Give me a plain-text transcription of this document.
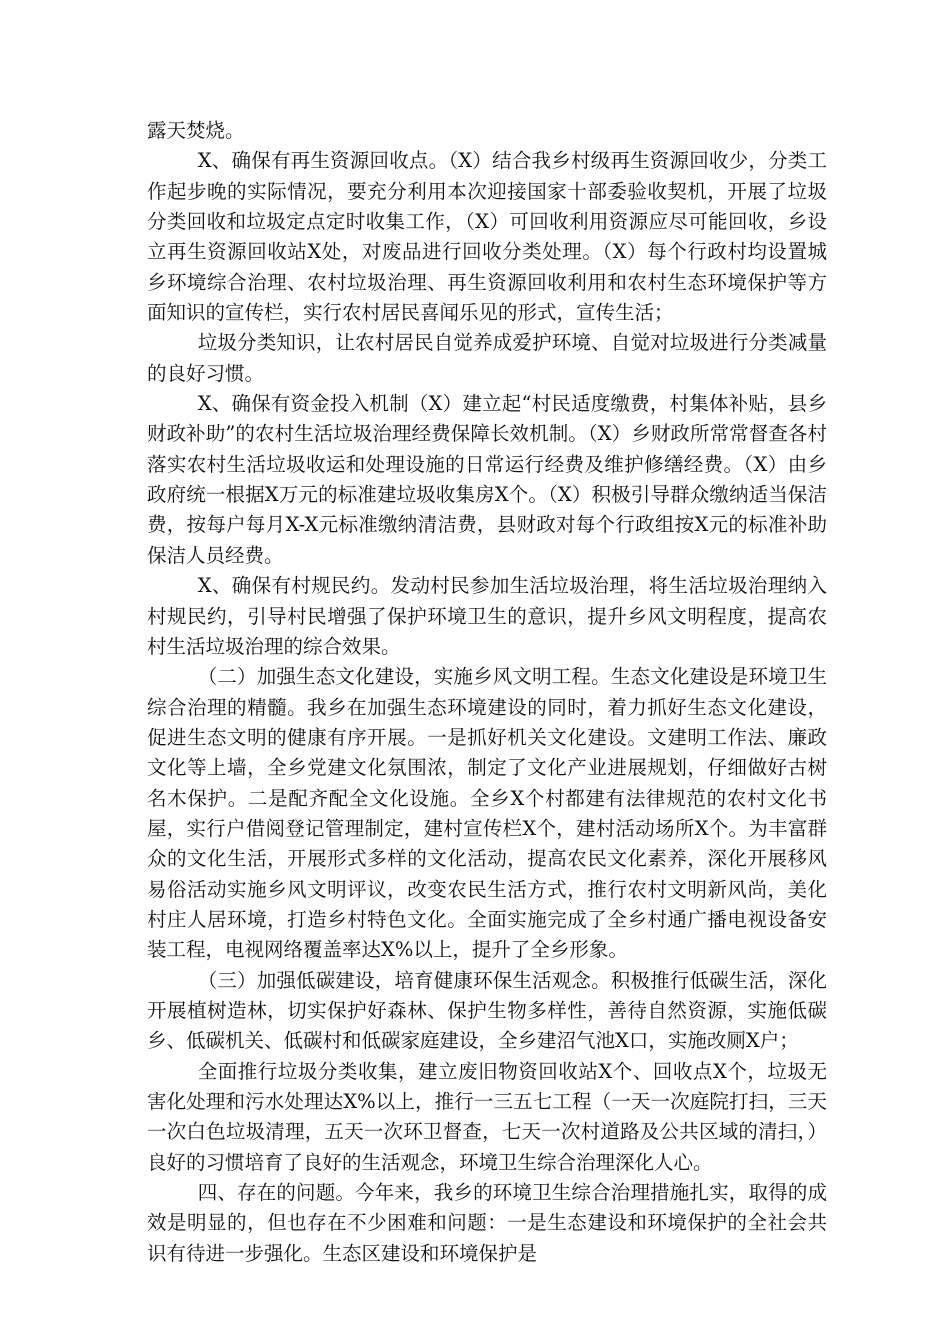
露天焚烧。

X、确保有再生资源回收点。（X）结合我乡村级再生资源回收少，分类工作起步晚的实际情况，要充分利用本次迎接国家十部委验收契机，开展了垃圾分类回收和垃圾定点定时收集工作，（X）可回收利用资源应尽可能回收，乡设立再生资源回收站X处，对废品进行回收分类处理。（X）每个行政村均设置城乡环境综合治理、农村垃圾治理、再生资源回收利用和农村生态环境保护等方面知识的宣传栏，实行农村居民喜闻乐见的形式，宣传生活；

垃圾分类知识，让农村居民自觉养成爱护环境、自觉对垃圾进行分类减量的良好习惯。

X、确保有资金投入机制（X）建立起“村民适度缴费，村集体补贴，县乡财政补助”的农村生活垃圾治理经费保障长效机制。（X）乡财政所常常督查各村落实农村生活垃圾收运和处理设施的日常运行经费及维护修缮经费。（X）由乡政府统一根据X万元的标准建垃圾收集房X个。（X）积极引导群众缴纳适当保洁费，按每户每月X-X元标准缴纳清洁费，县财政对每个行政组按X元的标准补助保洁人员经费。

X、确保有村规民约。发动村民参加生活垃圾治理，将生活垃圾治理纳入村规民约，引导村民增强了保护环境卫生的意识，提升乡风文明程度，提高农村生活垃圾治理的综合效果。

（二）加强生态文化建设，实施乡风文明工程。生态文化建设是环境卫生综合治理的精髓。我乡在加强生态环境建设的同时，着力抓好生态文化建设，促进生态文明的健康有序开展。一是抓好机关文化建设。文建明工作法、廉政文化等上墙，全乡党建文化氛围浓，制定了文化产业进展规划，仔细做好古树名木保护。二是配齐配全文化设施。全乡X个村都建有法律规范的农村文化书屋，实行户借阅登记管理制定，建村宣传栏X个，建村活动场所X个。为丰富群众的文化生活，开展形式多样的文化活动，提高农民文化素养，深化开展移风易俗活动实施乡风文明评议，改变农民生活方式，推行农村文明新风尚，美化村庄人居环境，打造乡村特色文化。全面实施完成了全乡村通广播电视设备安装工程，电视网络覆盖率达X%以上，提升了全乡形象。

（三）加强低碳建设，培育健康环保生活观念。积极推行低碳生活，深化开展植树造林，切实保护好森林、保护生物多样性，善待自然资源，实施低碳乡、低碳机关、低碳村和低碳家庭建设，全乡建沼气池X口，实施改厕X户；

全面推行垃圾分类收集，建立废旧物资回收站X个、回收点X个，垃圾无害化处理和污水处理达X%以上，推行一三五七工程（一天一次庭院打扫，三天一次白色垃圾清理，五天一次环卫督查，七天一次村道路及公共区域的清扫，）良好的习惯培育了良好的生活观念，环境卫生综合治理深化人心。

四、存在的问题。今年来，我乡的环境卫生综合治理措施扎实，取得的成效是明显的，但也存在不少困难和问题：一是生态建设和环境保护的全社会共识有待进一步强化。生态区建设和环境保护是
